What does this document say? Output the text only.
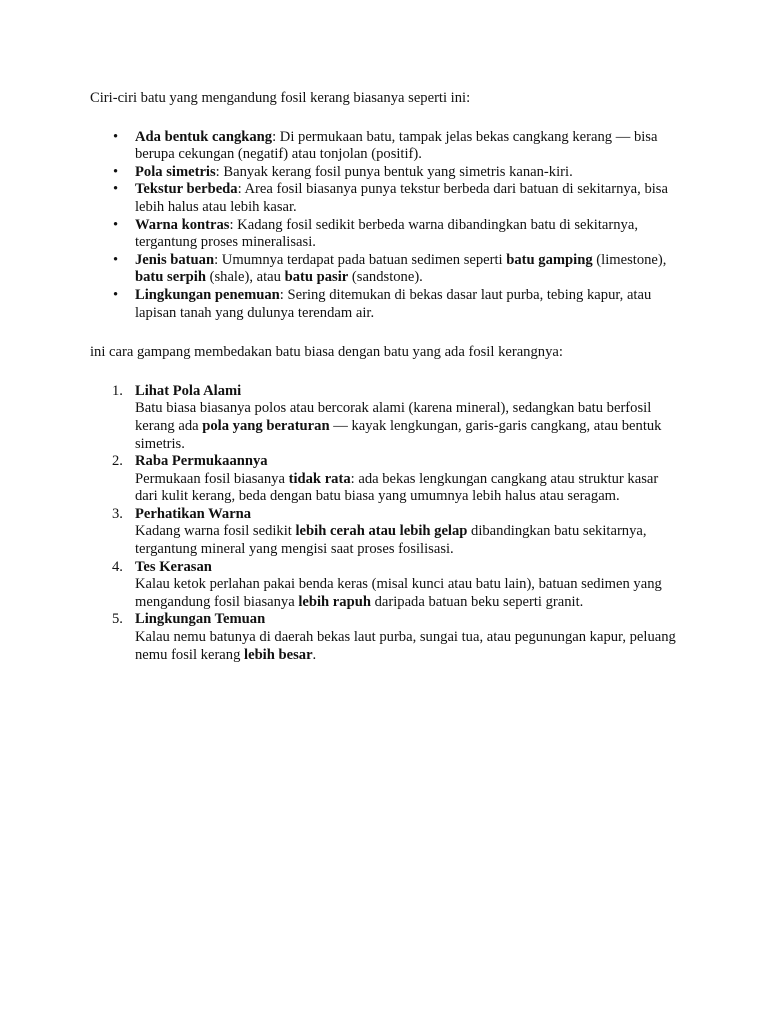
Ciri-ciri batu yang mengandung fosil kerang biasanya seperti ini:

• Ada bentuk cangkang: Di permukaan batu, tampak jelas bekas cangkang kerang — bisa berupa cekungan (negatif) atau tonjolan (positif).
• Pola simetris: Banyak kerang fosil punya bentuk yang simetris kanan-kiri.
• Tekstur berbeda: Area fosil biasanya punya tekstur berbeda dari batuan di sekitarnya, bisa lebih halus atau lebih kasar.
• Warna kontras: Kadang fosil sedikit berbeda warna dibandingkan batu di sekitarnya, tergantung proses mineralisasi.
• Jenis batuan: Umumnya terdapat pada batuan sedimen seperti batu gamping (limestone), batu serpih (shale), atau batu pasir (sandstone).
• Lingkungan penemuan: Sering ditemukan di bekas dasar laut purba, tebing kapur, atau lapisan tanah yang dulunya terendam air.

ini cara gampang membedakan batu biasa dengan batu yang ada fosil kerangnya:

1. Lihat Pola Alami
Batu biasa biasanya polos atau bercorak alami (karena mineral), sedangkan batu berfosil kerang ada pola yang beraturan — kayak lengkungan, garis-garis cangkang, atau bentuk simetris.
2. Raba Permukaannya
Permukaan fosil biasanya tidak rata: ada bekas lengkungan cangkang atau struktur kasar dari kulit kerang, beda dengan batu biasa yang umumnya lebih halus atau seragam.
3. Perhatikan Warna
Kadang warna fosil sedikit lebih cerah atau lebih gelap dibandingkan batu sekitarnya, tergantung mineral yang mengisi saat proses fosilisasi.
4. Tes Kerasan
Kalau ketok perlahan pakai benda keras (misal kunci atau batu lain), batuan sedimen yang mengandung fosil biasanya lebih rapuh daripada batuan beku seperti granit.
5. Lingkungan Temuan
Kalau nemu batunya di daerah bekas laut purba, sungai tua, atau pegunungan kapur, peluang nemu fosil kerang lebih besar.
